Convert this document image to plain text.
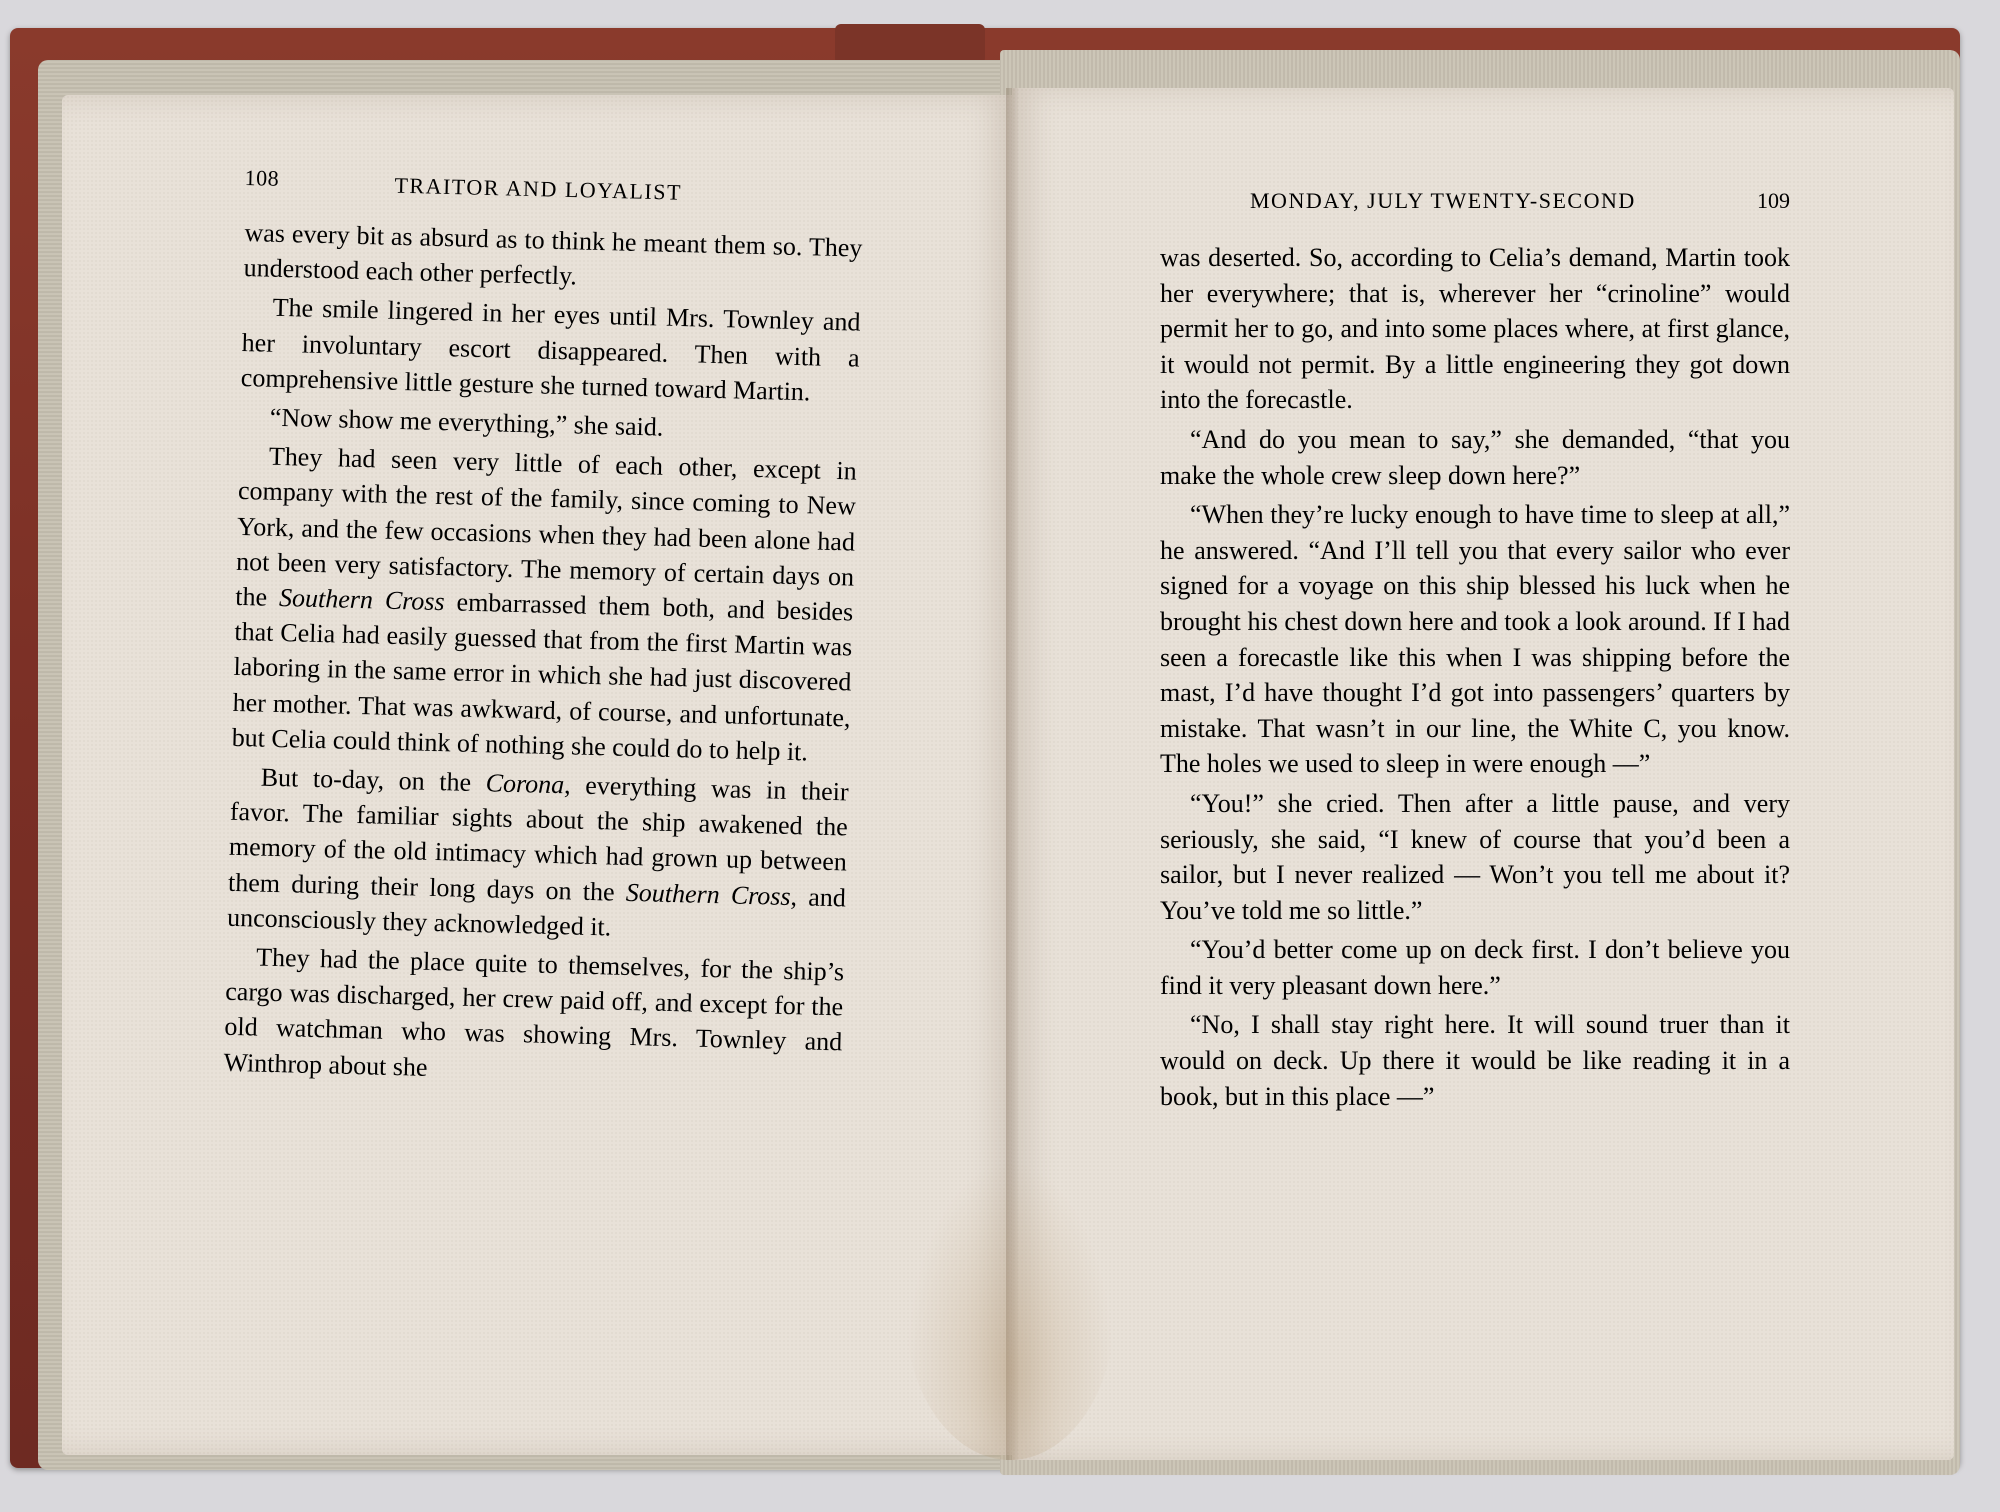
108	TRAITOR AND LOYALIST	MONDAY, JULY TWENTY-SECOND	109

was every bit as absurd as to think he meant them so. They understood each other perfectly.

The smile lingered in her eyes until Mrs. Townley and her involuntary escort disappeared. Then with a comprehensive little gesture she turned toward Martin.

“Now show me everything,” she said.

They had seen very little of each other, except in company with the rest of the family, since coming to New York, and the few occasions when they had been alone had not been very satisfactory. The memory of certain days on the Southern Cross embarrassed them both, and besides that Celia had easily guessed that from the first Martin was laboring in the same error in which she had just discovered her mother. That was awkward, of course, and unfortunate, but Celia could think of nothing she could do to help it.

But to-day, on the Corona, everything was in their favor. The familiar sights about the ship awakened the memory of the old intimacy which had grown up between them during their long days on the Southern Cross, and unconsciously they acknowledged it.

They had the place quite to themselves, for the ship’s cargo was discharged, her crew paid off, and except for the old watchman who was showing Mrs. Townley and Winthrop about she

was deserted. So, according to Celia’s demand, Martin took her everywhere; that is, wherever her “crinoline” would permit her to go, and into some places where, at first glance, it would not permit. By a little engineering they got down into the forecastle.

“And do you mean to say,” she demanded, “that you make the whole crew sleep down here?”

“When they’re lucky enough to have time to sleep at all,” he answered. “And I’ll tell you that every sailor who ever signed for a voyage on this ship blessed his luck when he brought his chest down here and took a look around. If I had seen a forecastle like this when I was shipping before the mast, I’d have thought I’d got into passengers’ quarters by mistake. That wasn’t in our line, the White C, you know. The holes we used to sleep in were enough —”

“You!” she cried. Then after a little pause, and very seriously, she said, “I knew of course that you’d been a sailor, but I never realized — Won’t you tell me about it? You’ve told me so little.”

“You’d better come up on deck first. I don’t believe you find it very pleasant down here.”

“No, I shall stay right here. It will sound truer than it would on deck. Up there it would be like reading it in a book, but in this place —”
